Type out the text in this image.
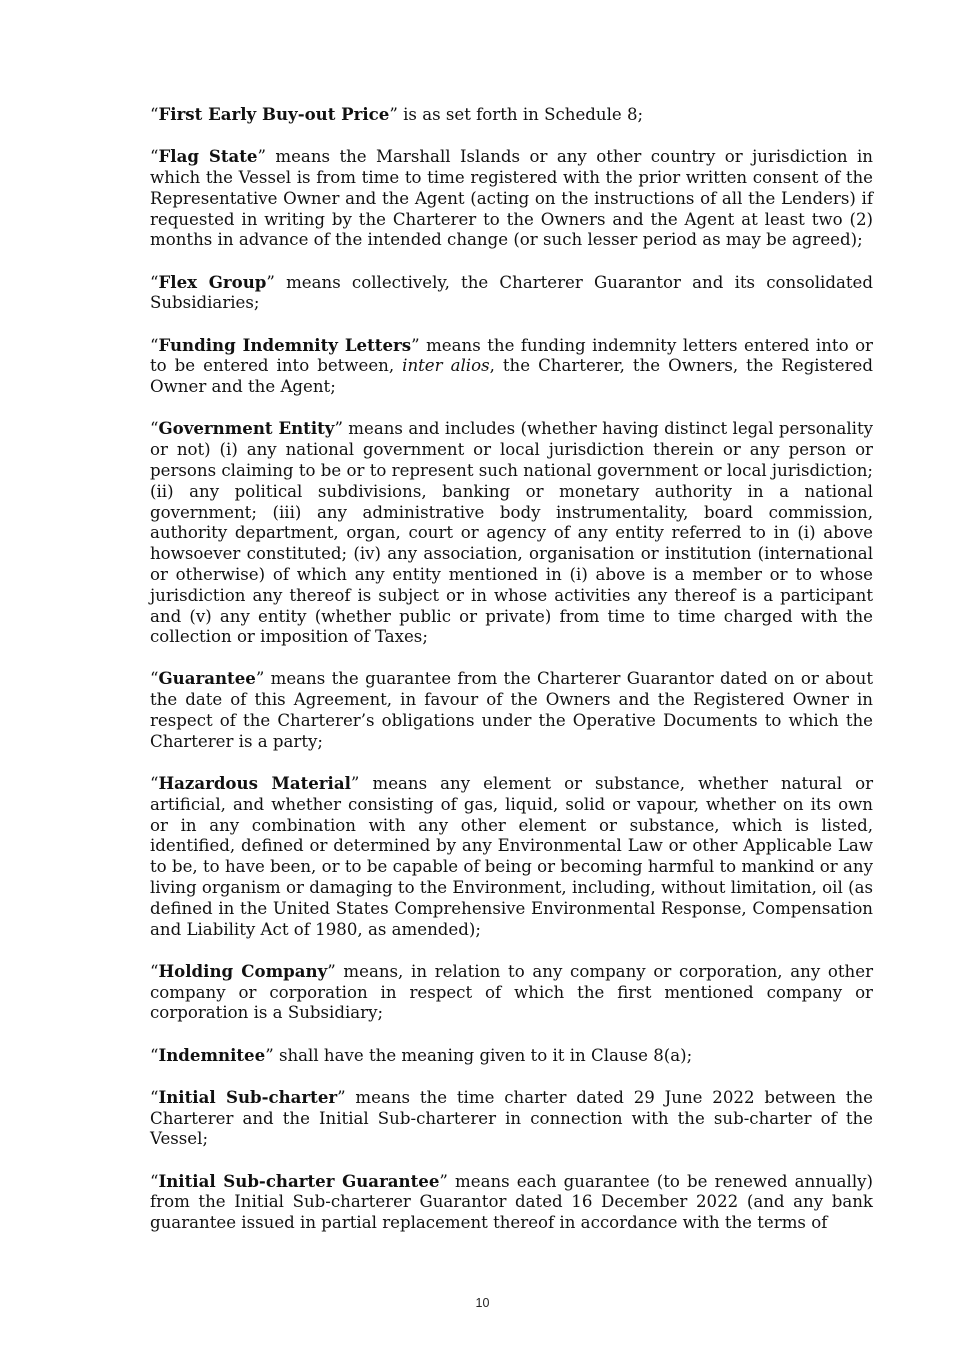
“First Early Buy-out Price” is as set forth in Schedule 8;

“Flag State” means the Marshall Islands or any other country or jurisdiction in which the Vessel is from time to time registered with the prior written consent of the Representative Owner and the Agent (acting on the instructions of all the Lenders) if requested in writing by the Charterer to the Owners and the Agent at least two (2) months in advance of the intended change (or such lesser period as may be agreed);

“Flex Group” means collectively, the Charterer Guarantor and its consolidated Subsidiaries;

“Funding Indemnity Letters” means the funding indemnity letters entered into or to be entered into between, inter alios, the Charterer, the Owners, the Registered Owner and the Agent;

“Government Entity” means and includes (whether having distinct legal personality or not) (i) any national government or local jurisdiction therein or any person or persons claiming to be or to represent such national government or local jurisdiction; (ii) any political subdivisions, banking or monetary authority in a national government; (iii) any administrative body instrumentality, board commission, authority department, organ, court or agency of any entity referred to in (i) above howsoever constituted; (iv) any association, organisation or institution (international or otherwise) of which any entity mentioned in (i) above is a member or to whose jurisdiction any thereof is subject or in whose activities any thereof is a participant and (v) any entity (whether public or private) from time to time charged with the collection or imposition of Taxes;

“Guarantee” means the guarantee from the Charterer Guarantor dated on or about the date of this Agreement, in favour of the Owners and the Registered Owner in respect of the Charterer’s obligations under the Operative Documents to which the Charterer is a party;

“Hazardous Material” means any element or substance, whether natural or artificial, and whether consisting of gas, liquid, solid or vapour, whether on its own or in any combination with any other element or substance, which is listed, identified, defined or determined by any Environmental Law or other Applicable Law to be, to have been, or to be capable of being or becoming harmful to mankind or any living organism or damaging to the Environment, including, without limitation, oil (as defined in the United States Comprehensive Environmental Response, Compensation and Liability Act of 1980, as amended);

“Holding Company” means, in relation to any company or corporation, any other company or corporation in respect of which the first mentioned company or corporation is a Subsidiary;

“Indemnitee” shall have the meaning given to it in Clause 8(a);

“Initial Sub-charter” means the time charter dated 29 June 2022 between the Charterer and the Initial Sub-charterer in connection with the sub-charter of the Vessel;

“Initial Sub-charter Guarantee” means each guarantee (to be renewed annually) from the Initial Sub-charterer Guarantor dated 16 December 2022 (and any bank guarantee issued in partial replacement thereof in accordance with the terms of

10
